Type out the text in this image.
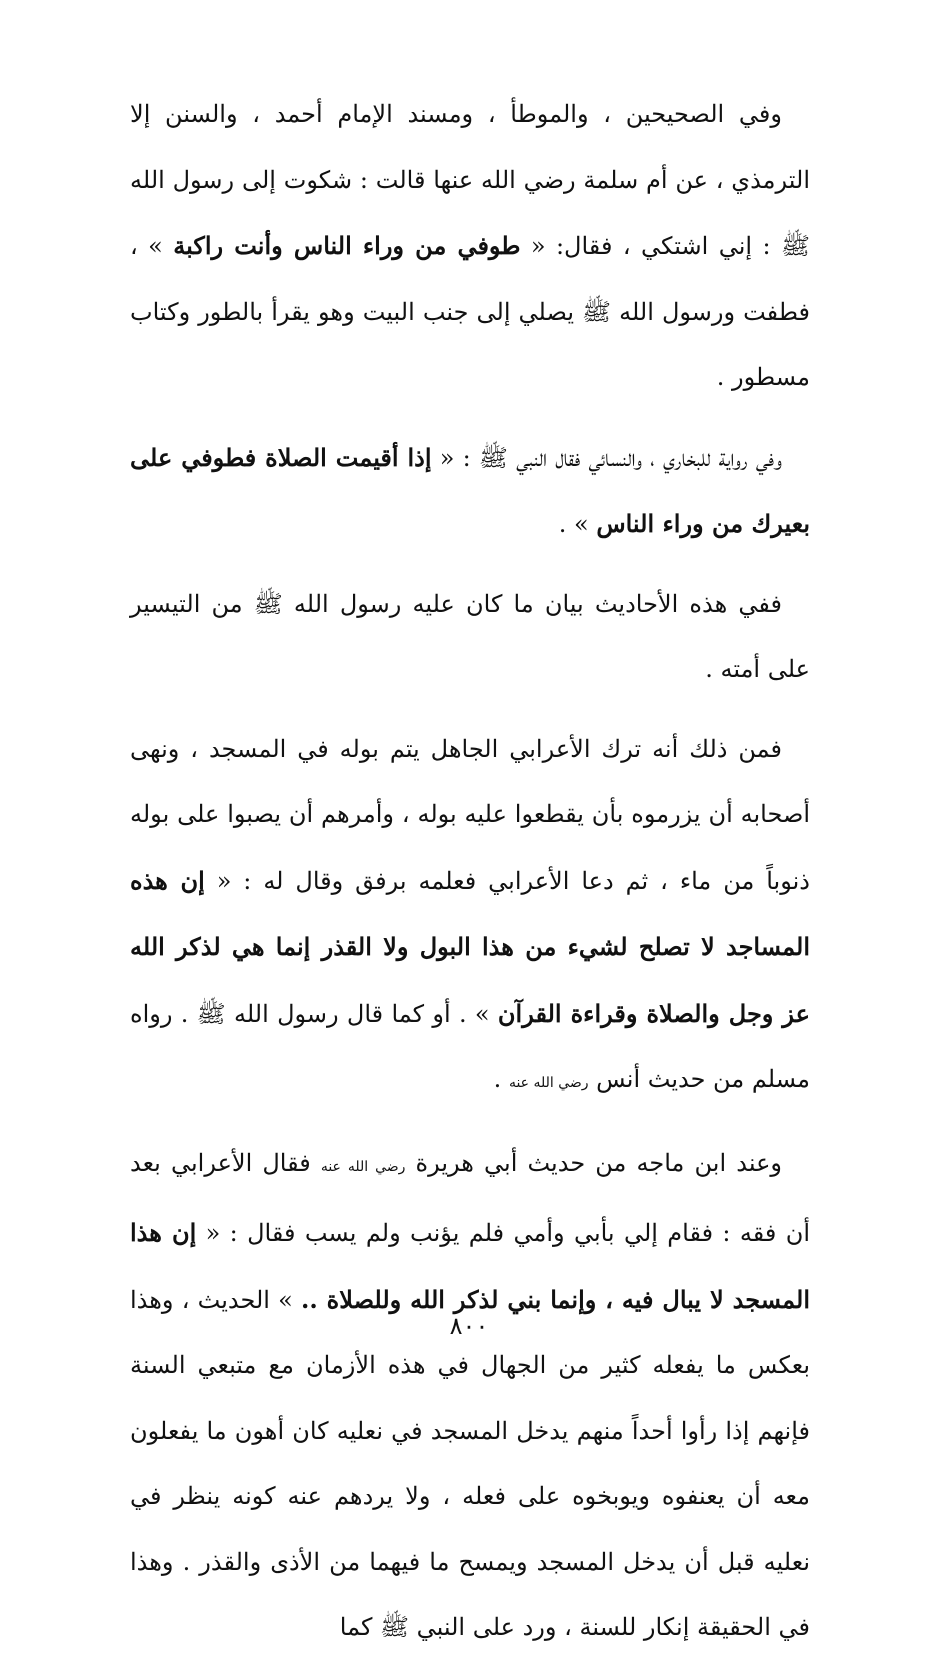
وفي الصحيحين ، والموطأ ، ومسند الإمام أحمد ، والسنن إلا الترمذي ، عن أم سلمة رضي الله عنها قالت : شكوت إلى رسول الله ﷺ : إني اشتكي ، فقال: « طوفي من وراء الناس وأنت راكبة » ، فطفت ورسول الله ﷺ يصلي إلى جنب البيت وهو يقرأ بالطور وكتاب مسطور .

وفي رواية للبخاري ، والنسائي فقال النبي ﷺ : « إذا أقيمت الصلاة فطوفي على بعيرك من وراء الناس » .

ففي هذه الأحاديث بيان ما كان عليه رسول الله ﷺ من التيسير على أمته .

فمن ذلك أنه ترك الأعرابي الجاهل يتم بوله في المسجد ، ونهى أصحابه أن يزرموه بأن يقطعوا عليه بوله ، وأمرهم أن يصبوا على بوله ذنوباً من ماء ، ثم دعا الأعرابي فعلمه برفق وقال له : « إن هذه المساجد لا تصلح لشيء من هذا البول ولا القذر إنما هي لذكر الله عز وجل والصلاة وقراءة القرآن » . أو كما قال رسول الله ﷺ . رواه مسلم من حديث أنس رضي الله عنه .

وعند ابن ماجه من حديث أبي هريرة رضي الله عنه فقال الأعرابي بعد أن فقه : فقام إلي بأبي وأمي فلم يؤنب ولم يسب فقال : « إن هذا المسجد لا يبال فيه ، وإنما بني لذكر الله وللصلاة .. » الحديث ، وهذا بعكس ما يفعله كثير من الجهال في هذه الأزمان مع متبعي السنة فإنهم إذا رأوا أحداً منهم يدخل المسجد في نعليه كان أهون ما يفعلون معه أن يعنفوه ويوبخوه على فعله ، ولا يردهم عنه كونه ينظر في نعليه قبل أن يدخل المسجد ويمسح ما فيهما من الأذى والقذر . وهذا في الحقيقة إنكار للسنة ، ورد على النبي ﷺ كما

٨٠٠
